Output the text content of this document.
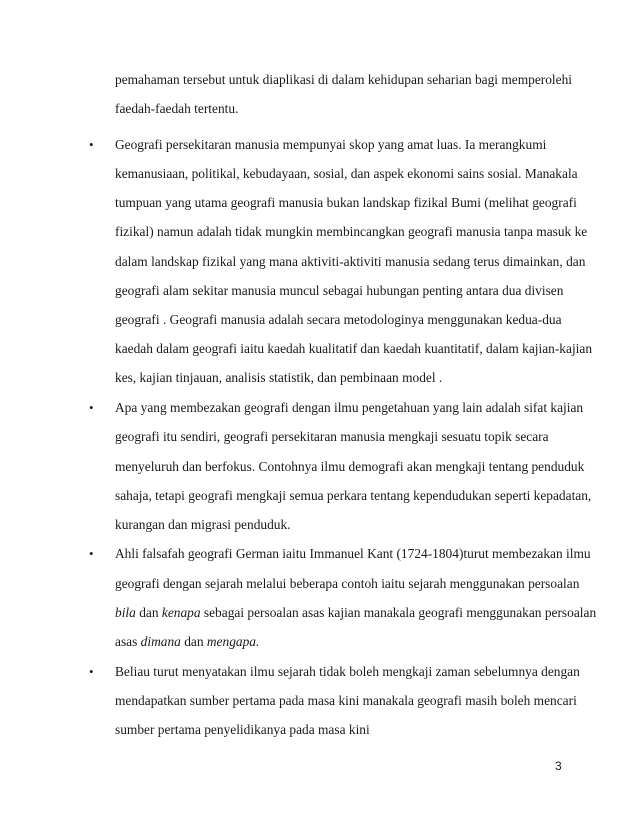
pemahaman tersebut untuk diaplikasi di dalam kehidupan seharian bagi memperolehi
faedah-faedah tertentu.
• Geografi persekitaran manusia mempunyai skop yang amat luas. Ia merangkumi
kemanusiaan, politikal, kebudayaan, sosial, dan aspek ekonomi sains sosial. Manakala
tumpuan yang utama geografi manusia bukan landskap fizikal Bumi (melihat geografi
fizikal) namun adalah tidak mungkin membincangkan geografi manusia tanpa masuk ke
dalam landskap fizikal yang mana aktiviti-aktiviti manusia sedang terus dimainkan, dan
geografi alam sekitar manusia muncul sebagai hubungan penting antara dua divisen
geografi . Geografi manusia adalah secara metodologinya menggunakan kedua-dua
kaedah dalam geografi iaitu kaedah kualitatif dan kaedah kuantitatif, dalam kajian-kajian
kes, kajian tinjauan, analisis statistik, dan pembinaan model .
• Apa yang membezakan geografi dengan ilmu pengetahuan yang lain adalah sifat kajian
geografi itu sendiri, geografi persekitaran manusia mengkaji sesuatu topik secara
menyeluruh dan berfokus. Contohnya ilmu demografi akan mengkaji tentang penduduk
sahaja, tetapi geografi mengkaji semua perkara tentang kependudukan seperti kepadatan,
kurangan dan migrasi penduduk.
• Ahli falsafah geografi German iaitu Immanuel Kant (1724-1804)turut membezakan ilmu
geografi dengan sejarah melalui beberapa contoh iaitu sejarah menggunakan persoalan
bila dan kenapa sebagai persoalan asas kajian manakala geografi menggunakan persoalan
asas dimana dan mengapa.
• Beliau turut menyatakan ilmu sejarah tidak boleh mengkaji zaman sebelumnya dengan
mendapatkan sumber pertama pada masa kini manakala geografi masih boleh mencari
sumber pertama penyelidikanya pada masa kini
3
